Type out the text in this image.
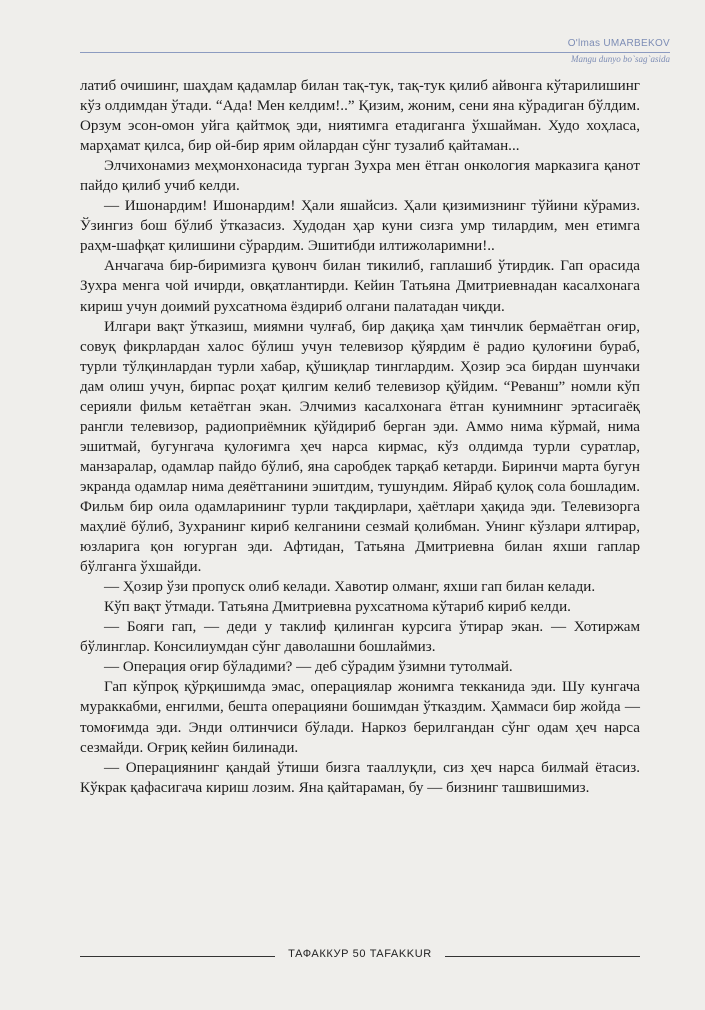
O'lmas UMARBEKOV
Mangu dunyo bo`sag`asida

латиб очишинг, шаҳдам қадамлар билан тақ-тук, тақ-тук қилиб айвонга кўтарилишинг кўз олдимдан ўтади. “Ада! Мен келдим!..” Қизим, жоним, сени яна кўрадиган бўлдим. Орзум эсон-омон уйга қайтмоқ эди, ниятимга етадиганга ўхшайман. Худо хоҳласа, марҳамат қилса, бир ой-бир ярим ойлардан сўнг тузалиб қайтаман...

Элчихонамиз меҳмонхонасида турган Зухра мен ётган онкология марказига қанот пайдо қилиб учиб келди.

— Ишонардим! Ишонардим! Ҳали яшайсиз. Ҳали қизимизнинг тўйини кўрамиз. Ўзингиз бош бўлиб ўтказасиз. Худодан ҳар куни сизга умр тилардим, мен етимга раҳм-шафқат қилишини сўрардим. Эшитибди илтижоларимни!..

Анчагача бир-биримизга қувонч билан тикилиб, гаплашиб ўтирдик. Гап орасида Зухра менга чой ичирди, овқатлантирди. Кейин Татьяна Дмитриевнадан касалхонага кириш учун доимий рухсатнома ёздириб олгани палатадан чиқди.

Илгари вақт ўтказиш, миямни чулғаб, бир дақиқа ҳам тинчлик бермаётган оғир, совуқ фикрлардан халос бўлиш учун телевизор қўярдим ё радио қулоғини бураб, турли тўлқинлардан турли хабар, қўшиқлар тинглардим. Ҳозир эса бирдан шунчаки дам олиш учун, бирпас роҳат қилгим келиб телевизор қўйдим. “Реванш” номли кўп серияли фильм кетаётган экан. Элчимиз касалхонага ётган кунимнинг эртасигаёқ рангли телевизор, радиоприёмник қўйдириб берган эди. Аммо нима кўрмай, нима эшитмай, бугунгача қулоғимга ҳеч нарса кирмас, кўз олдимда турли суратлар, манзаралар, одамлар пайдо бўлиб, яна саробдек тарқаб кетарди. Биринчи марта бугун экранда одамлар нима деяётганини эшитдим, тушундим. Яйраб қулоқ сола бошладим. Фильм бир оила одамларининг турли тақдирлари, ҳаётлари ҳақида эди. Телевизорга маҳлиё бўлиб, Зухранинг кириб келганини сезмай қолибман. Унинг кўзлари ялтирар, юзларига қон югурган эди. Афтидан, Татьяна Дмитриевна билан яхши гаплар бўлганга ўхшайди.

— Ҳозир ўзи пропуск олиб келади. Хавотир олманг, яхши гап билан келади.

Кўп вақт ўтмади. Татьяна Дмитриевна рухсатнома кўтариб кириб келди.

— Бояги гап, — деди у таклиф қилинган курсига ўтирар экан. — Хотиржам бўлинглар. Консилиумдан сўнг даволашни бошлаймиз.

— Операция оғир бўладими? — деб сўрадим ўзимни тутолмай.

Гап кўпроқ қўрқишимда эмас, операциялар жонимга текканида эди. Шу кунгача мураккабми, енгилми, бешта операцияни бошимдан ўтказдим. Ҳаммаси бир жойда — томоғимда эди. Энди олтинчиси бўлади. Наркоз берилгандан сўнг одам ҳеч нарса сезмайди. Оғриқ кейин билинади.

— Операциянинг қандай ўтиши бизга тааллуқли, сиз ҳеч нарса билмай ётасиз. Кўкрак қафасигача кириш лозим. Яна қайтараман, бу — бизнинг ташвишимиз.

ТАФАККУР 50 TAFAKKUR
